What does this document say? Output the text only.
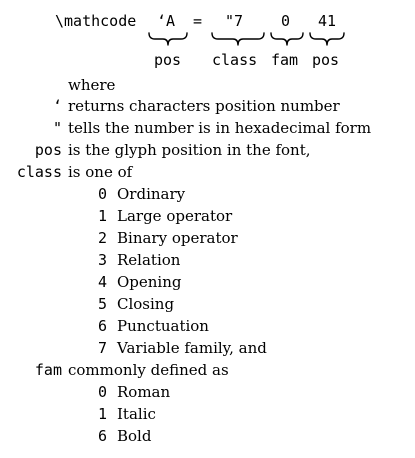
\mathcode ‘A = "7	0 41
pos class fam pos
where
‘ returns characters position number
" tells the number is in hexadecimal form
pos is the glyph position in the font,
class is one of
0 Ordinary
1 Large operator
2 Binary operator
3 Relation
4 Opening
5 Closing
6 Punctuation
7 Variable family, and
fam commonly defined as
0 Roman
1 Italic
6 Bold
